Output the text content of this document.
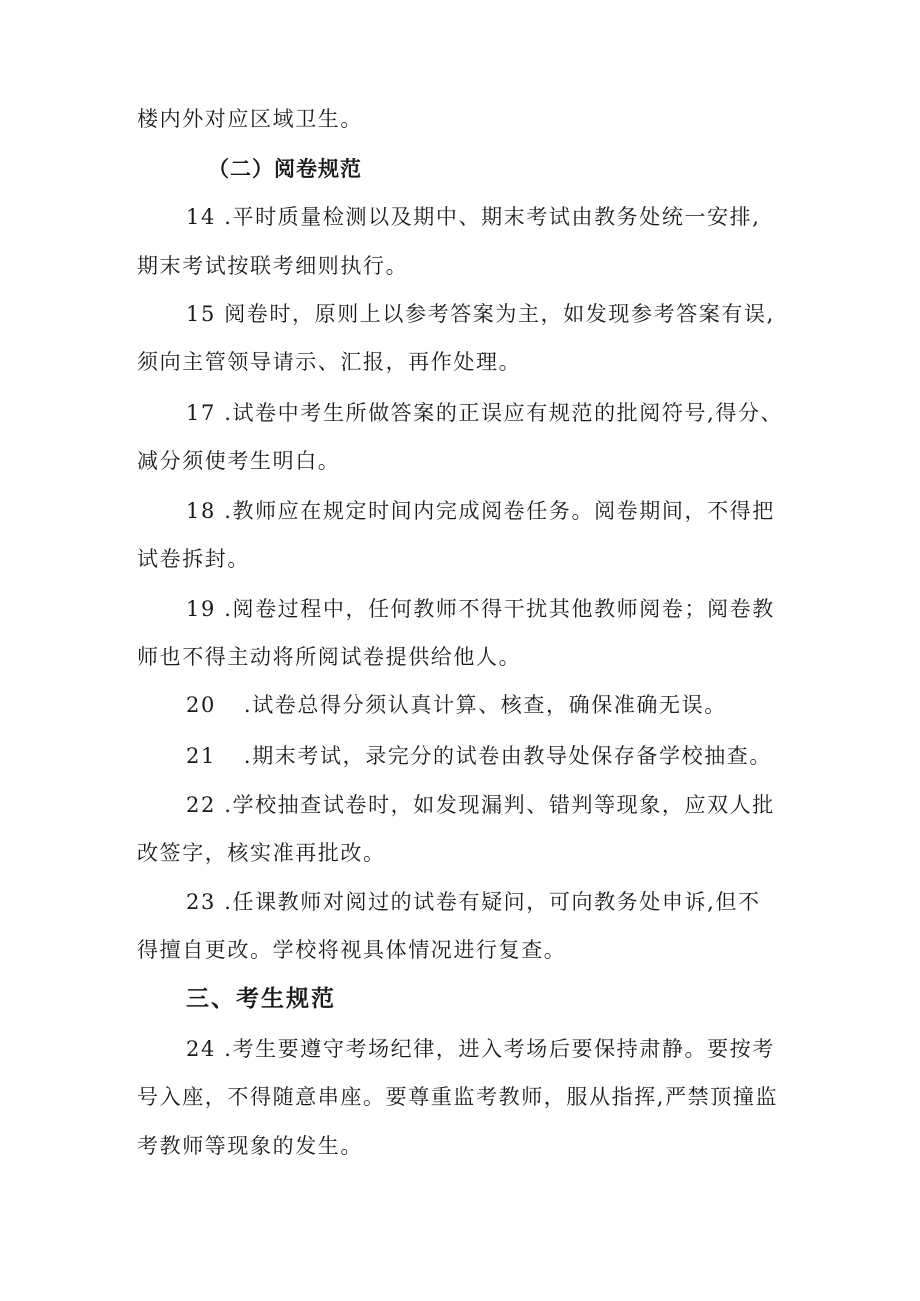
楼内外对应区域卫生。
（二）阅卷规范
14 .平时质量检测以及期中、期末考试由教务处统一安排,
期末考试按联考细则执行。
15 阅卷时，原则上以参考答案为主，如发现参考答案有误,
须向主管领导请示、汇报，再作处理。
17 .试卷中考生所做答案的正误应有规范的批阅符号,得分、
减分须使考生明白。
18 .教师应在规定时间内完成阅卷任务。阅卷期间，不得把
试卷拆封。
19 .阅卷过程中，任何教师不得干扰其他教师阅卷；阅卷教
师也不得主动将所阅试卷提供给他人。
20 .试卷总得分须认真计算、核查，确保准确无误。
21 .期末考试，录完分的试卷由教导处保存备学校抽查。
22 .学校抽查试卷时，如发现漏判、错判等现象，应双人批
改签字，核实准再批改。
23 .任课教师对阅过的试卷有疑问，可向教务处申诉,但不
得擅自更改。学校将视具体情况进行复查。
三、考生规范
24 .考生要遵守考场纪律，进入考场后要保持肃静。要按考
号入座，不得随意串座。要尊重监考教师，服从指挥,严禁顶撞监
考教师等现象的发生。
